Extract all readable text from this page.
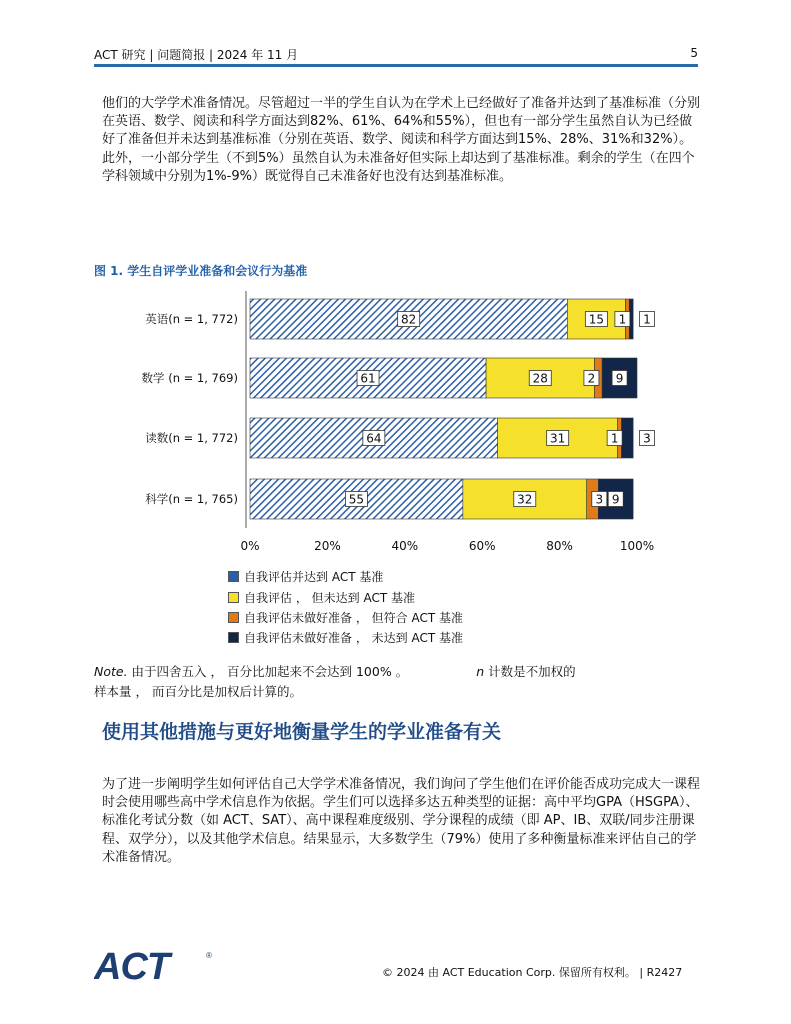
ACT 研究 | 问题简报 | 2024 年 11 月	5
他们的大学学术准备情况。尽管超过一半的学生自认为在学术上已经做好了准备并达到了基准标准（分别在英语、数学、阅读和科学方面达到82%、61%、64%和55%），但也有一部分学生虽然自认为已经做好了准备但并未达到基准标准（分别在英语、数学、阅读和科学方面达到15%、28%、31%和32%）。此外，一小部分学生（不到5%）虽然自认为未准备好但实际上却达到了基准标准。剩余的学生（在四个学科领域中分别为1%-9%）既觉得自己未准备好也没有达到基准标准。
图 1. 学生自评学业准备和会议行为基准
英语(n = 1, 772)
数学 (n = 1, 769)
读数(n = 1, 772)
科学(n = 1, 765)
82	15 1 1
61	28	2 9
64	31	1 3
55	32	3 9
0%	20%	40%	60%	80%	100%
自我评估并达到 ACT 基准
自我评估 ， 但未达到 ACT 基准
自我评估未做好准备 ， 但符合 ACT 基准
自我评估未做好准备 ， 未达到 ACT 基准
Note. 由于四舍五入 ， 百分比加起来不会达到 100% 。	n 计数是不加权的
样本量 ， 而百分比是加权后计算的。
使用其他措施与更好地衡量学生的学业准备有关
为了进一步阐明学生如何评估自己大学学术准备情况，我们询问了学生他们在评价能否成功完成大一课程时会使用哪些高中学术信息作为依据。学生们可以选择多达五种类型的证据：高中平均GPA（HSGPA）、标准化考试分数（如 ACT、SAT）、高中课程难度级别、学分课程的成绩（即 AP、IB、双联/同步注册课程、双学分），以及其他学术信息。结果显示，大多数学生（79%）使用了多种衡量标准来评估自己的学术准备情况。
ACT	®
© 2024 由 ACT Education Corp. 保留所有权利。 | R2427
